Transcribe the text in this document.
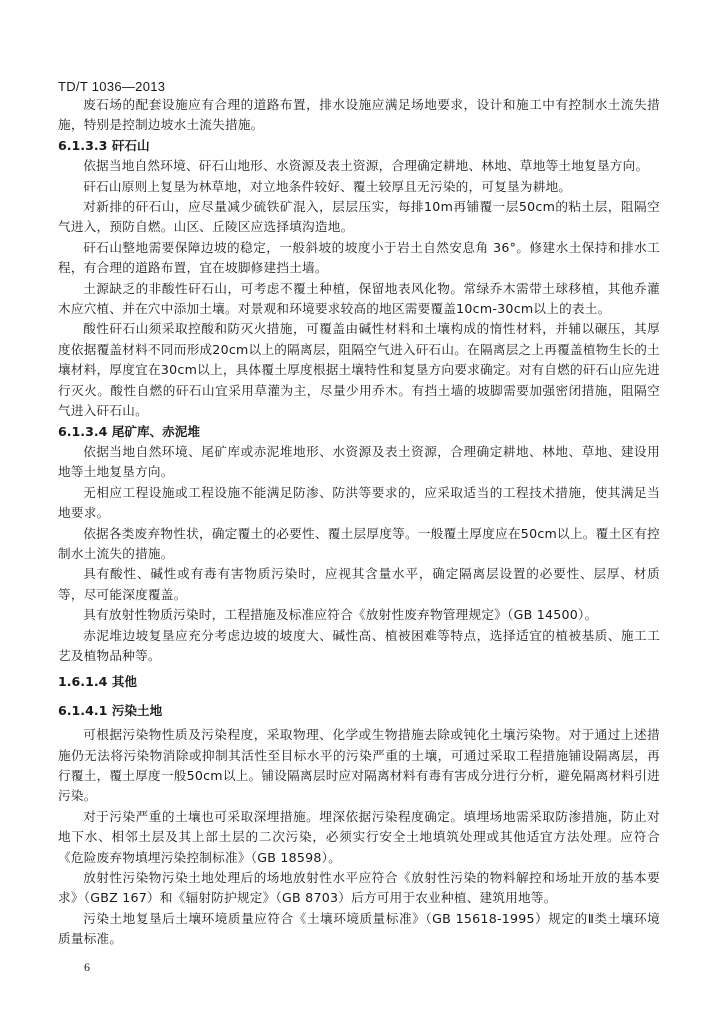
TD/T 1036—2013

废石场的配套设施应有合理的道路布置，排水设施应满足场地要求，设计和施工中有控制水土流失措施，特别是控制边坡水土流失措施。

6.1.3.3 矸石山

依据当地自然环境、矸石山地形、水资源及表土资源，合理确定耕地、林地、草地等土地复垦方向。

矸石山原则上复垦为林草地，对立地条件较好、覆土较厚且无污染的，可复垦为耕地。

对新排的矸石山，应尽量减少硫铁矿混入，层层压实，每排10m再铺覆一层50cm的粘土层，阻隔空气进入，预防自燃。山区、丘陵区应选择填沟造地。

矸石山整地需要保障边坡的稳定，一般斜坡的坡度小于岩土自然安息角 36°。修建水土保持和排水工程，有合理的道路布置，宜在坡脚修建挡土墙。

土源缺乏的非酸性矸石山，可考虑不覆土种植，保留地表风化物。常绿乔木需带土球移植，其他乔灌木应穴植、并在穴中添加土壤。对景观和环境要求较高的地区需要覆盖10cm-30cm以上的表土。

酸性矸石山须采取控酸和防灭火措施，可覆盖由碱性材料和土壤构成的惰性材料，并辅以碾压，其厚度依据覆盖材料不同而形成20cm以上的隔离层，阻隔空气进入矸石山。在隔离层之上再覆盖植物生长的土壤材料，厚度宜在30cm以上，具体覆土厚度根据土壤特性和复垦方向要求确定。对有自燃的矸石山应先进行灭火。酸性自燃的矸石山宜采用草灌为主，尽量少用乔木。有挡土墙的坡脚需要加强密闭措施，阻隔空气进入矸石山。

6.1.3.4 尾矿库、赤泥堆

依据当地自然环境、尾矿库或赤泥堆地形、水资源及表土资源，合理确定耕地、林地、草地、建设用地等土地复垦方向。

无相应工程设施或工程设施不能满足防渗、防洪等要求的，应采取适当的工程技术措施，使其满足当地要求。

依据各类废弃物性状，确定覆土的必要性、覆土层厚度等。一般覆土厚度应在50cm以上。覆土区有控制水土流失的措施。

具有酸性、碱性或有毒有害物质污染时，应视其含量水平，确定隔离层设置的必要性、层厚、材质等，尽可能深度覆盖。

具有放射性物质污染时，工程措施及标准应符合《放射性废弃物管理规定》（GB 14500）。

赤泥堆边坡复垦应充分考虑边坡的坡度大、碱性高、植被困难等特点，选择适宜的植被基质、施工工艺及植物品种等。

1.6.1.4 其他
6.1.4.1 污染土地

可根据污染物性质及污染程度，采取物理、化学或生物措施去除或钝化土壤污染物。对于通过上述措施仍无法将污染物消除或抑制其活性至目标水平的污染严重的土壤，可通过采取工程措施铺设隔离层，再行覆土，覆土厚度一般50cm以上。铺设隔离层时应对隔离材料有毒有害成分进行分析，避免隔离材料引进污染。

对于污染严重的土壤也可采取深埋措施。埋深依据污染程度确定。填埋场地需采取防渗措施，防止对地下水、相邻土层及其上部土层的二次污染，必须实行安全土地填筑处理或其他适宜方法处理。应符合《危险废弃物填埋污染控制标准》（GB 18598）。

放射性污染物污染土地处理后的场地放射性水平应符合《放射性污染的物料解控和场址开放的基本要求》（GBZ 167）和《辐射防护规定》（GB 8703）后方可用于农业种植、建筑用地等。

污染土地复垦后土壤环境质量应符合《土壤环境质量标准》（GB 15618-1995）规定的Ⅱ类土壤环境质量标准。

6
